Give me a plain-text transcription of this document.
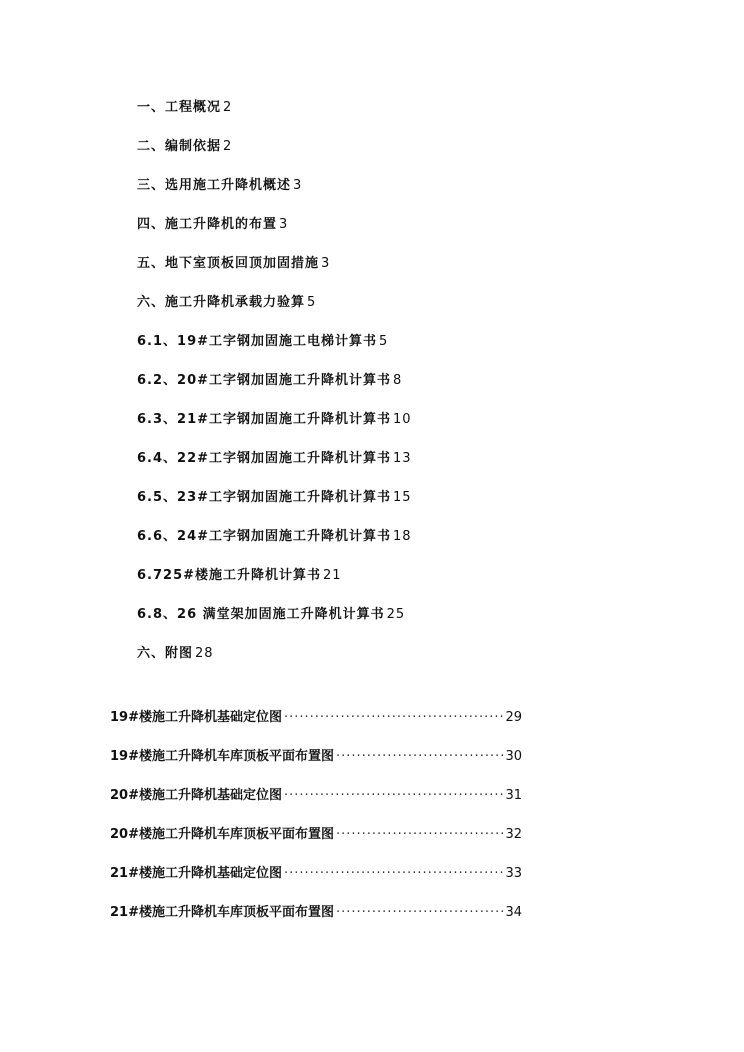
一、工程概况 2
二、编制依据 2
三、选用施工升降机概述 3
四、施工升降机的布置 3
五、地下室顶板回顶加固措施 3
六、施工升降机承载力验算 5
6.1、19#工字钢加固施工电梯计算书 5
6.2、20#工字钢加固施工升降机计算书 8
6.3、21#工字钢加固施工升降机计算书 10
6.4、22#工字钢加固施工升降机计算书 13
6.5、23#工字钢加固施工升降机计算书 15
6.6、24#工字钢加固施工升降机计算书 18
6.725#楼施工升降机计算书 21
6.8、26 满堂架加固施工升降机计算书 25
六、附图 28
19#楼施工升降机基础定位图 ·····	29
19#楼施工升降机车库顶板平面布置图 ·····	30
20#楼施工升降机基础定位图 ·····	31
20#楼施工升降机车库顶板平面布置图 ·····	32
21#楼施工升降机基础定位图 ·····	33
21#楼施工升降机车库顶板平面布置图 ·····	34
